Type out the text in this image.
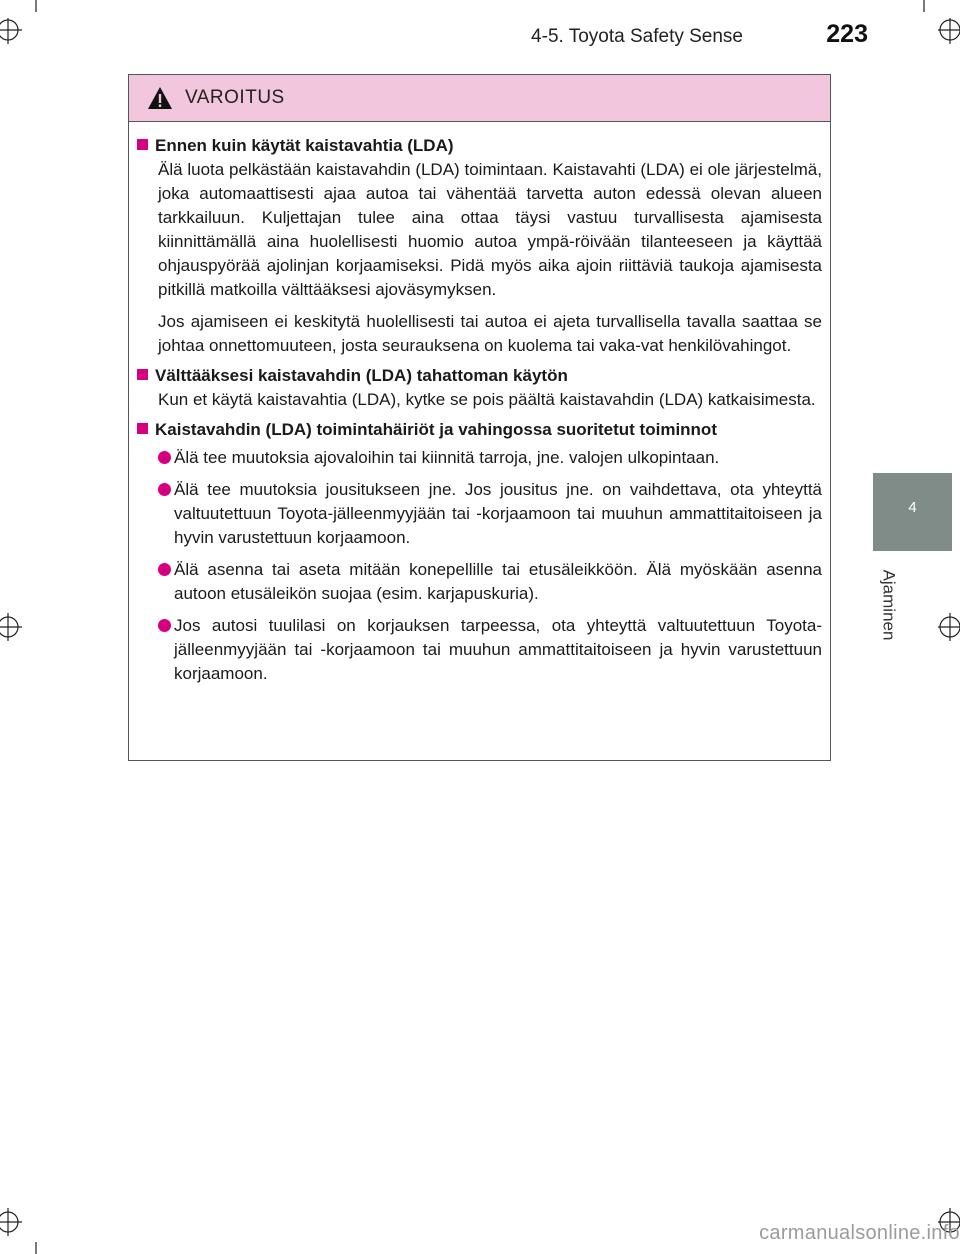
4-5. Toyota Safety Sense	223
4
Ajaminen
VAROITUS
Ennen kuin käytät kaistavahtia (LDA)

Älä luota pelkästään kaistavahdin (LDA) toimintaan. Kaistavahti (LDA) ei ole järjestelmä, joka automaattisesti ajaa autoa tai vähentää tarvetta auton edessä olevan alueen tarkkailuun. Kuljettajan tulee aina ottaa täysi vastuu turvallisesta ajamisesta kiinnittämällä aina huolellisesti huomio autoa ympä-röivään tilanteeseen ja käyttää ohjauspyörää ajolinjan korjaamiseksi. Pidä myös aika ajoin riittäviä taukoja ajamisesta pitkillä matkoilla välttääksesi ajoväsymyksen.

Jos ajamiseen ei keskitytä huolellisesti tai autoa ei ajeta turvallisella tavalla saattaa se johtaa onnettomuuteen, josta seurauksena on kuolema tai vaka-vat henkilövahingot.

Välttääksesi kaistavahdin (LDA) tahattoman käytön

Kun et käytä kaistavahtia (LDA), kytke se pois päältä kaistavahdin (LDA) katkaisimesta.

Kaistavahdin (LDA) toimintahäiriöt ja vahingossa suoritetut toiminnot
Älä tee muutoksia ajovaloihin tai kiinnitä tarroja, jne. valojen ulkopintaan.
Älä tee muutoksia jousitukseen jne. Jos jousitus jne. on vaihdettava, ota yhteyttä valtuutettuun Toyota-jälleenmyyjään tai -korjaamoon tai muuhun ammattitaitoiseen ja hyvin varustettuun korjaamoon.
Älä asenna tai aseta mitään konepellille tai etusäleikköön. Älä myöskään asenna autoon etusäleikön suojaa (esim. karjapuskuria).
Jos autosi tuulilasi on korjauksen tarpeessa, ota yhteyttä valtuutettuun Toyota-jälleenmyyjään tai -korjaamoon tai muuhun ammattitaitoiseen ja hyvin varustettuun korjaamoon.
carmanualsonline.info
